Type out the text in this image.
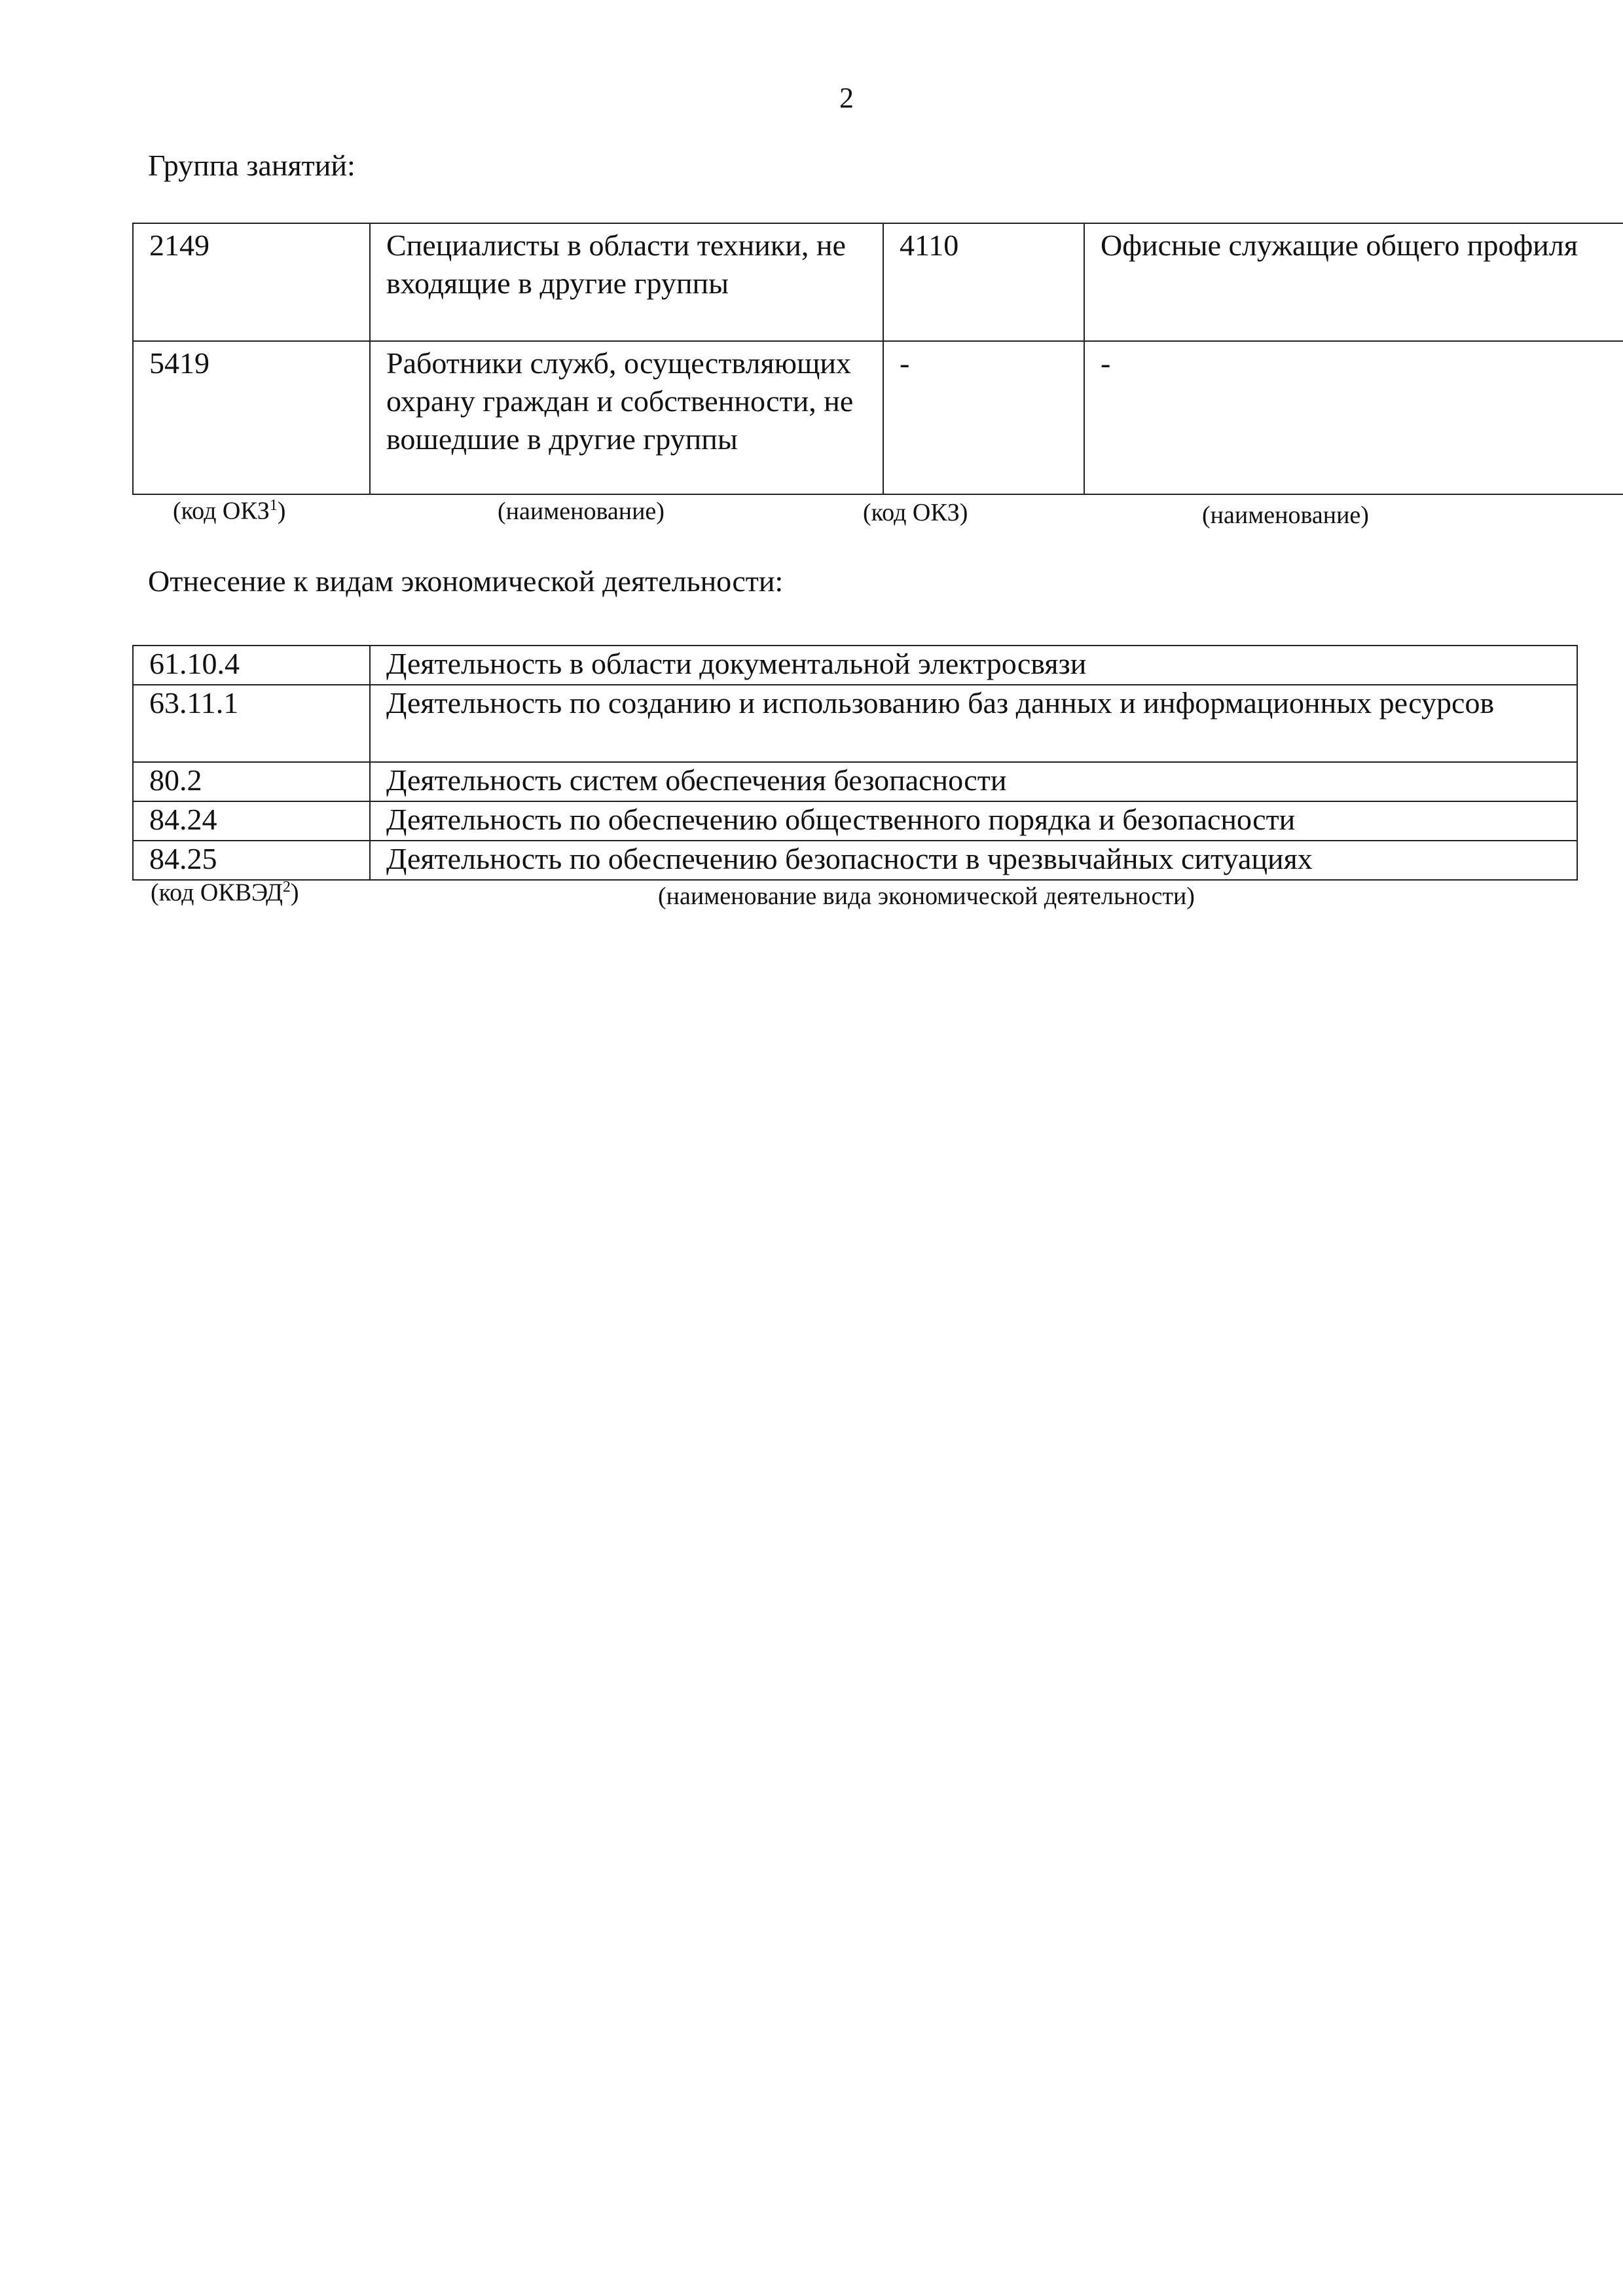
2
Группа занятий:
2149	Специалисты в области техники, не входящие в другие группы	4110	Офисные служащие общего профиля
5419	Работники служб, осуществляющих охрану граждан и собственности, не вошедшие в другие группы	-	-
(код ОКЗ$^1$)	(наименование)	(код ОКЗ)	(наименование)
Отнесение к видам экономической деятельности:
61.10.4	Деятельность в области документальной электросвязи
63.11.1	Деятельность по созданию и использованию баз данных и информационных ресурсов
80.2	Деятельность систем обеспечения безопасности
84.24	Деятельность по обеспечению общественного порядка и безопасности
84.25	Деятельность по обеспечению безопасности в чрезвычайных ситуациях
(код ОКВЭД$^2$)	(наименование вида экономической деятельности)
